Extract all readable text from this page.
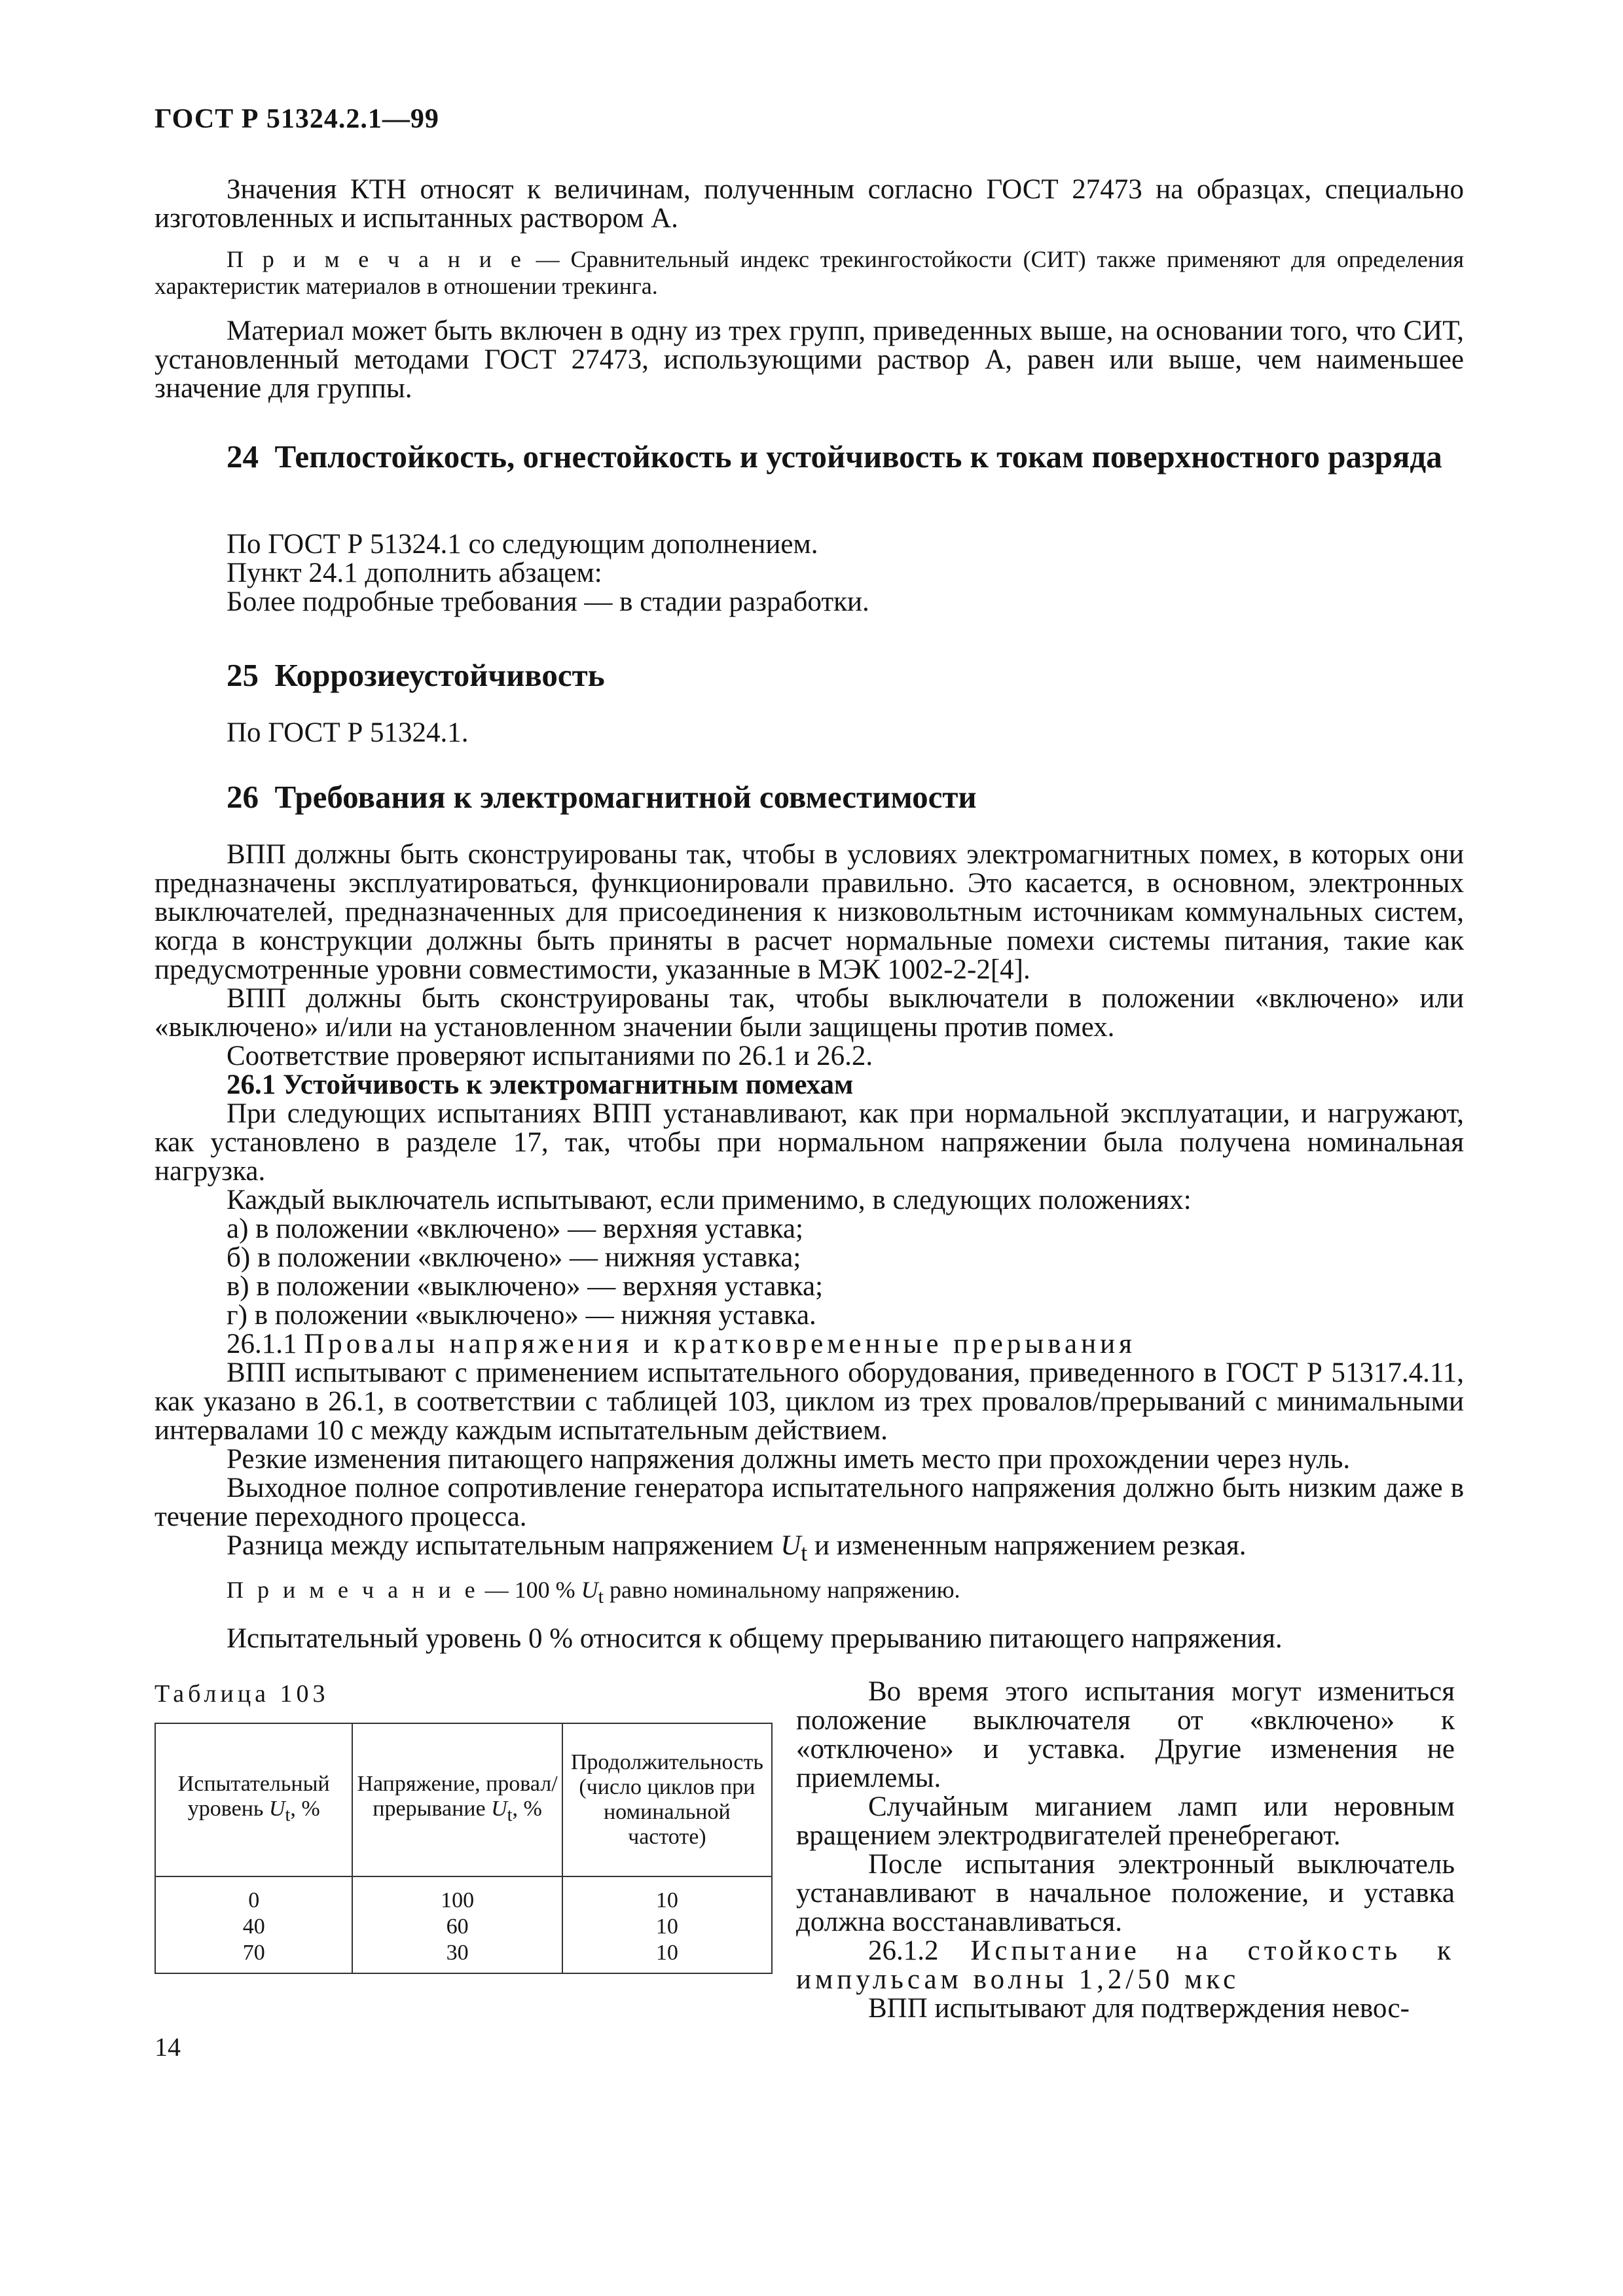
ГОСТ Р 51324.2.1—99

Значения КТН относят к величинам, полученным согласно ГОСТ 27473 на образцах, специально изготовленных и испытанных раствором А.

П р и м е ч а н и е — Сравнительный индекс трекингостойкости (СИТ) также применяют для определения характеристик материалов в отношении трекинга.

Материал может быть включен в одну из трех групп, приведенных выше, на основании того, что СИТ, установленный методами ГОСТ 27473, использующими раствор А, равен или выше, чем наименьшее значение для группы.

24 Теплостойкость, огнестойкость и устойчивость к токам поверхностного разряда

По ГОСТ Р 51324.1 со следующим дополнением.

Пункт 24.1 дополнить абзацем:

Более подробные требования — в стадии разработки.

25 Коррозиеустойчивость

По ГОСТ Р 51324.1.

26 Требования к электромагнитной совместимости

ВПП должны быть сконструированы так, чтобы в условиях электромагнитных помех, в которых они предназначены эксплуатироваться, функционировали правильно. Это касается, в основном, электронных выключателей, предназначенных для присоединения к низковольтным источникам коммунальных систем, когда в конструкции должны быть приняты в расчет нормальные помехи системы питания, такие как предусмотренные уровни совместимости, указанные в МЭК 1002-2-2[4].

ВПП должны быть сконструированы так, чтобы выключатели в положении «включено» или «выключено» и/или на установленном значении были защищены против помех.

Соответствие проверяют испытаниями по 26.1 и 26.2.

26.1 Устойчивость к электромагнитным помехам

При следующих испытаниях ВПП устанавливают, как при нормальной эксплуатации, и нагружают, как установлено в разделе 17, так, чтобы при нормальном напряжении была получена номинальная нагрузка.

Каждый выключатель испытывают, если применимо, в следующих положениях:

а) в положении «включено» — верхняя уставка;

б) в положении «включено» — нижняя уставка;

в) в положении «выключено» — верхняя уставка;

г) в положении «выключено» — нижняя уставка.

26.1.1 Провалы напряжения и кратковременные прерывания

ВПП испытывают с применением испытательного оборудования, приведенного в ГОСТ Р 51317.4.11, как указано в 26.1, в соответствии с таблицей 103, циклом из трех провалов/прерываний с минимальными интервалами 10 с между каждым испытательным действием.

Резкие изменения питающего напряжения должны иметь место при прохождении через нуль.

Выходное полное сопротивление генератора испытательного напряжения должно быть низким даже в течение переходного процесса.

Разница между испытательным напряжением $U_t$ и измененным напряжением резкая.

П р и м е ч а н и е — 100 % $U_t$ равно номинальному напряжению.

Испытательный уровень 0 % относится к общему прерыванию питающего напряжения.

Таблица 103
Испытательный уровень $U_t$, %	Напряжение, провал/прерывание $U_t$, %	Продолжительность (число циклов при номинальной частоте)
0	100	10
40	60	10
70	30	10

Во время этого испытания могут измениться положение выключателя от «включено» к «отключено» и уставка. Другие изменения не приемлемы.

Случайным миганием ламп или неровным вращением электродвигателей пренебрегают.

После испытания электронный выключатель устанавливают в начальное положение, и уставка должна восстанавливаться.

26.1.2 Испытание на стойкость к импульсам волны 1,2/50 мкс

ВПП испытывают для подтверждения невос-

14
